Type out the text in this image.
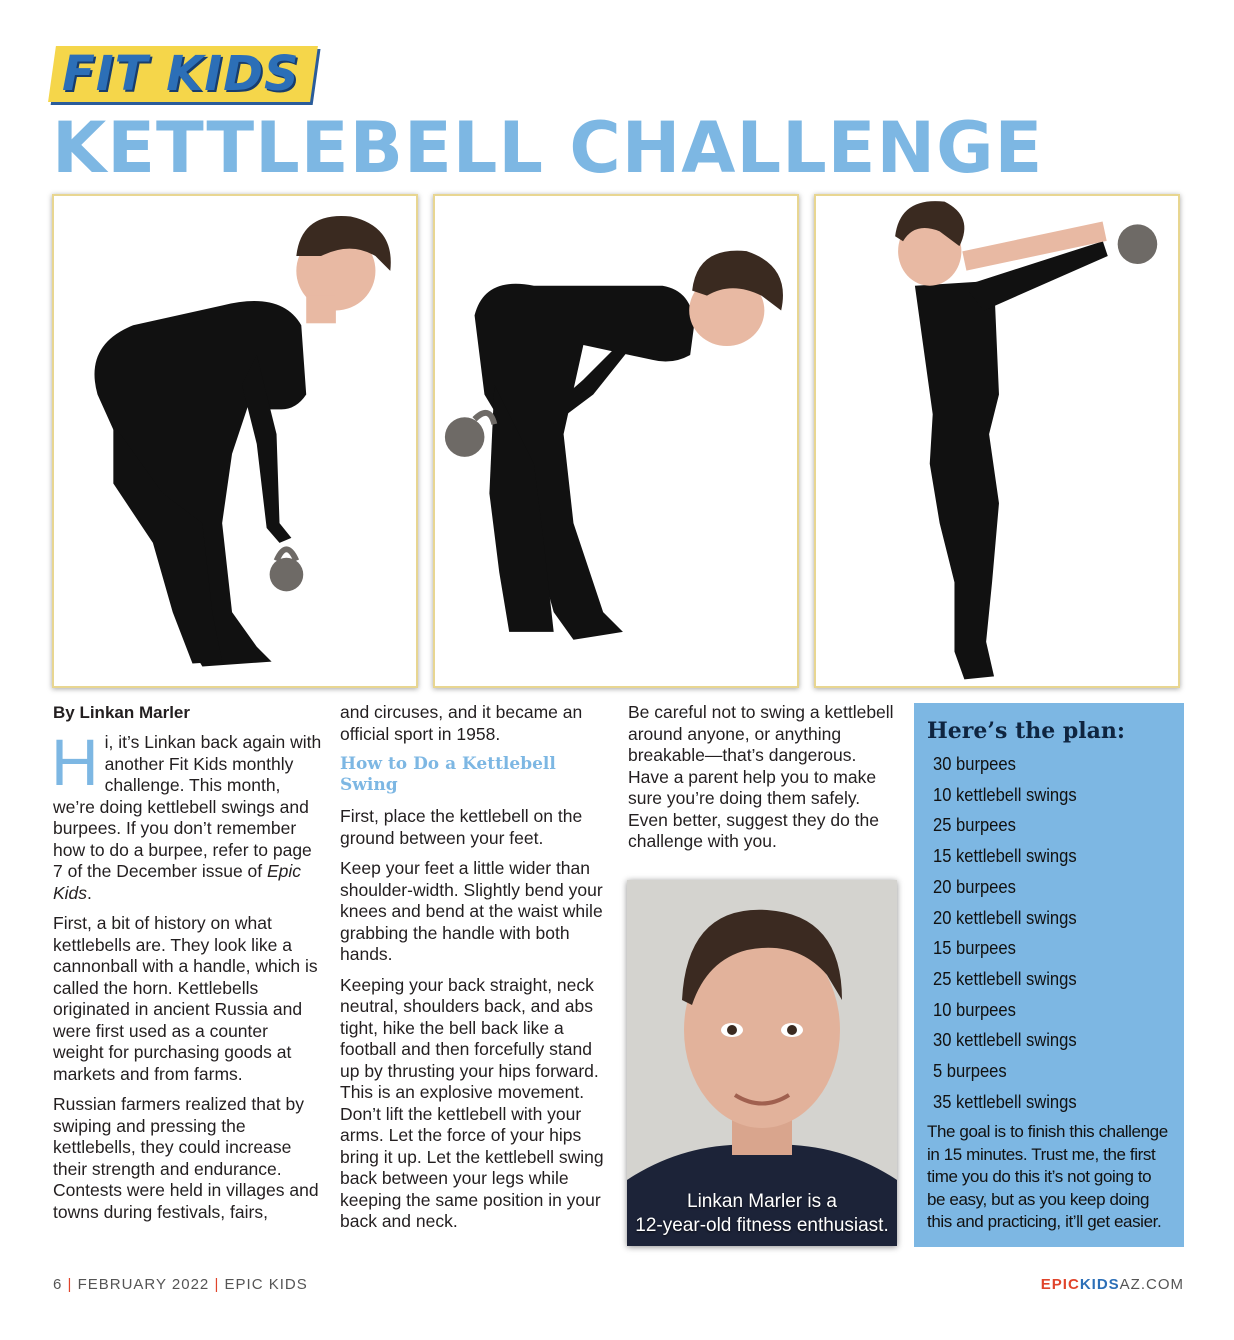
FIT KIDS
KETTLEBELL CHALLENGE
By Linkan Marler

Hi, it’s Linkan back again with another Fit Kids monthly challenge. This month, we’re doing kettlebell swings and burpees. If you don’t remember how to do a burpee, refer to page 7 of the December issue of Epic Kids.

First, a bit of history on what kettlebells are. They look like a cannonball with a handle, which is called the horn. Kettlebells originated in ancient Russia and were first used as a counter weight for purchasing goods at markets and from farms.

Russian farmers realized that by swiping and pressing the kettlebells, they could increase their strength and endurance. Contests were held in villages and towns during festivals, fairs,

and circuses, and it became an official sport in 1958.

How to Do a Kettlebell Swing

First, place the kettlebell on the ground between your feet.

Keep your feet a little wider than shoulder-width. Slightly bend your knees and bend at the waist while grabbing the handle with both hands.

Keeping your back straight, neck neutral, shoulders back, and abs tight, hike the bell back like a football and then forcefully stand up by thrusting your hips forward. This is an explosive movement. Don’t lift the kettlebell with your arms. Let the force of your hips bring it up. Let the kettlebell swing back between your legs while keeping the same position in your back and neck.

Be careful not to swing a kettlebell around anyone, or anything breakable—that’s dangerous. Have a parent help you to make sure you’re doing them safely. Even better, suggest they do the challenge with you.

Linkan Marler is a
12-year-old fitness enthusiast.
Here’s the plan:
30 burpees
10 kettlebell swings
25 burpees
15 kettlebell swings
20 burpees
20 kettlebell swings
15 burpees
25 kettlebell swings
10 burpees
30 kettlebell swings
5 burpees
35 kettlebell swings
The goal is to finish this challenge in 15 minutes. Trust me, the first time you do this it’s not going to be easy, but as you keep doing this and practicing, it’ll get easier.
6 | FEBRUARY 2022 | EPIC KIDS	EPICKIDSAZ.COM
